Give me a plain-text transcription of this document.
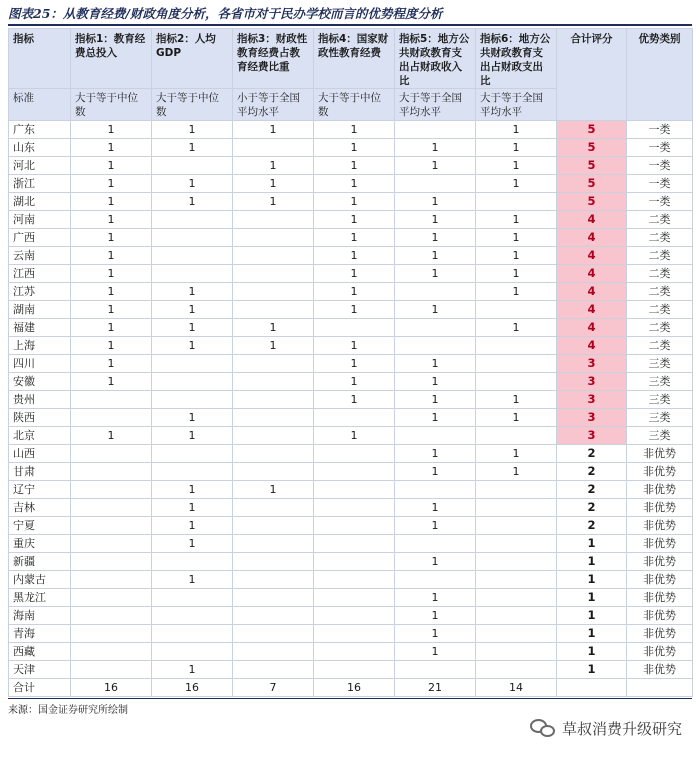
图表25：从教育经费/财政角度分析，各省市对于民办学校而言的优势程度分析
指标	指标1：教育经费总投入	指标2：人均GDP	指标3：财政性教育经费占教育经费比重	指标4：国家财政性教育经费	指标5：地方公共财政教育支出占财政收入比	指标6：地方公共财政教育支出占财政支出比	合计评分	优势类别
标准	大于等于中位数	大于等于中位数	小于等于全国平均水平	大于等于中位数	大于等于全国平均水平	大于等于全国平均水平		
广东	1	1	1	1		1	5	一类
山东	1	1		1	1	1	5	一类
河北	1		1	1	1	1	5	一类
浙江	1	1	1	1		1	5	一类
湖北	1	1	1	1	1		5	一类
河南	1			1	1	1	4	二类
广西	1			1	1	1	4	二类
云南	1			1	1	1	4	二类
江西	1			1	1	1	4	二类
江苏	1	1		1		1	4	二类
湖南	1	1		1	1		4	二类
福建	1	1	1			1	4	二类
上海	1	1	1	1			4	二类
四川	1			1	1		3	三类
安徽	1			1	1		3	三类
贵州				1	1	1	3	三类
陕西		1			1	1	3	三类
北京	1	1		1			3	三类
山西					1	1	2	非优势
甘肃					1	1	2	非优势
辽宁		1	1				2	非优势
吉林		1			1		2	非优势
宁夏		1			1		2	非优势
重庆		1					1	非优势
新疆					1		1	非优势
内蒙古		1					1	非优势
黑龙江					1		1	非优势
海南					1		1	非优势
青海					1		1	非优势
西藏					1		1	非优势
天津		1					1	非优势
合计	16	16	7	16	21	14		
来源：国金证券研究所绘制
草叔消费升级研究
